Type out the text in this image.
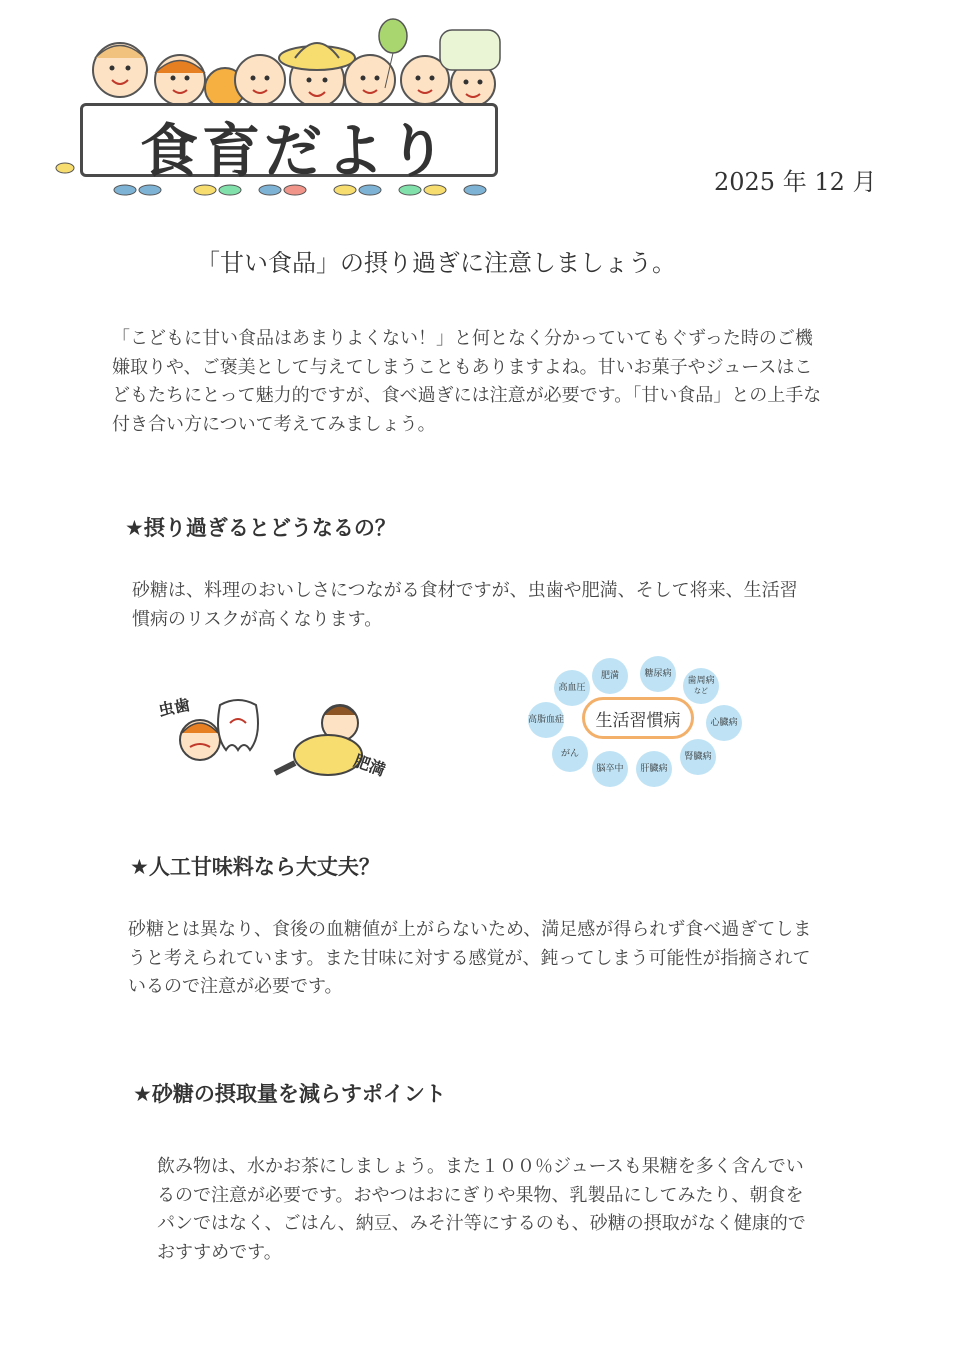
食育だより	2025 年 12 月
「甘い食品」の摂り過ぎに注意しましょう。
「こどもに甘い食品はあまりよくない！」と何となく分かっていてもぐずった時のご機嫌取りや、ご褒美として与えてしまうこともありますよね。甘いお菓子やジュースはこどもたちにとって魅力的ですが、食べ過ぎには注意が必要です。「甘い食品」との上手な付き合い方について考えてみましょう。
★摂り過ぎるとどうなるの？
砂糖は、料理のおいしさにつながる食材ですが、虫歯や肥満、そして将来、生活習慣病のリスクが高くなります。
虫歯
肥満
肥満	糖尿病
歯周病
など
心臓病
腎臓病
肝臓病
脳卒中
がん
高脂血症
高血圧
生活習慣病
★人工甘味料なら大丈夫？
砂糖とは異なり、食後の血糖値が上がらないため、満足感が得られず食べ過ぎてしまうと考えられています。また甘味に対する感覚が、鈍ってしまう可能性が指摘されているので注意が必要です。
★砂糖の摂取量を減らすポイント
飲み物は、水かお茶にしましょう。また１００％ジュースも果糖を多く含んでいるので注意が必要です。おやつはおにぎりや果物、乳製品にしてみたり、朝食をパンではなく、ごはん、納豆、みそ汁等にするのも、砂糖の摂取がなく健康的でおすすめです。
